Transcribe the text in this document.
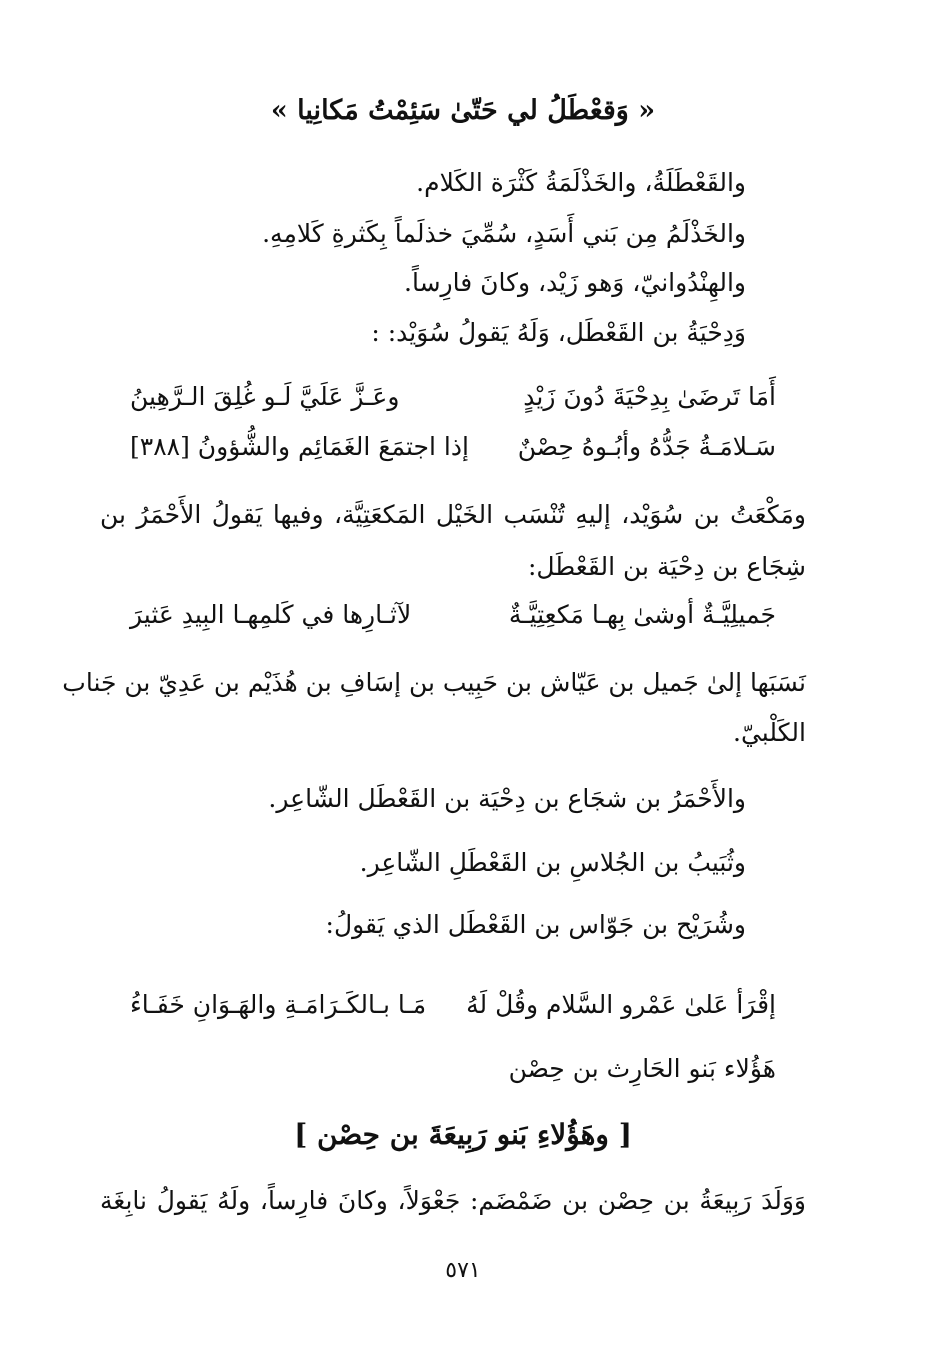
« وَقعْطَلُ لي حَتّىٰ سَئِمْتُ مَكانِيا »
والقَعْطَلَةُ، والخَذْلَمَةُ كَثْرَة الكَلام.
والخَذْلَمُ مِن بَني أَسَدٍ، سُمِّيَ خذلَماً بِكَثرةِ كَلامِهِ.
والهِنْدُوانيّ، وَهو زَيْد، وكانَ فارِساً.
وَدِحْيَةُ بن القَعْطَل، وَلَهُ يَقولُ سُوَيْد: :
أَمَا تَرضَىٰ بِدِحْيَةَ دُونَ زَيْدٍ
وعَـزَّ عَلَيَّ لَـو غُلِقَ الـرَّهِينُ
سَـلامَـةُ جَدُّهُ وأبُـوهُ حِصْنٌ
إذا اجتمَعَ الغَمَائِم والشُّؤونُ [٣٨٨]
ومَكْعَتُ بن سُوَيْد، إليهِ تُنْسَب الخَيْل المَكعَتِيَّة، وفيها يَقولُ الأَحْمَرُ بن
شِجَاع بن دِحْيَة بن القَعْطَل:
جَميلِيَّـةٌ أوشىٰ بِهـا مَكعِتِيَّـةٌ
لآثـارِها في كَلمِهـا البِيدِ عَثيرَ
نَسَبَها إلىٰ جَميل بن عَيّاش بن حَبِيب بن إسَافِ بن هُذَيْم بن عَدِيّ بن جَناب
الكَلْبيّ.
والأَحْمَرُ بن شجَاع بن دِحْيَة بن القَعْطَل الشّاعِر.
وثُبَيبُ بن الجُلاسِ بن القَعْطَلِ الشّاعِر.
وشُرَيْح بن جَوّاس بن القَعْطَل الذي يَقولُ:
إقْرَأ عَلىٰ عَمْرو السَّلام وقُلْ لَهُ
مَـا بـالكَـرَامَـةِ والهَـوَانِ خَفَـاءُ
هَؤُلاء بَنو الحَارِث بن حِصْن
[ وهَؤُلاءِ بَنو رَبِيعَةَ بن حِصْن ]
وَوَلَدَ رَبِيعَةُ بن حِصْن بن ضَمْضَم: جَعْوَلاً، وكانَ فارِساً، ولَهُ يَقولُ نابِغَة
٥٧١
